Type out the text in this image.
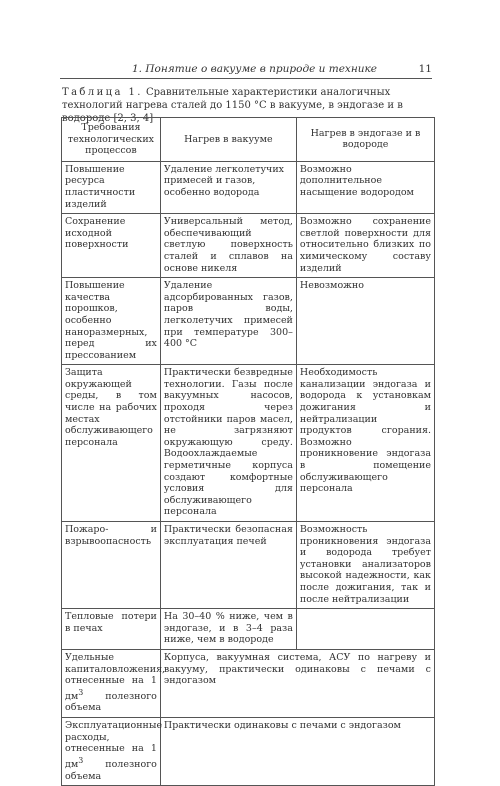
1. Понятие о вакууме в природе и технике	11
Таблица 1. Сравнительные характеристики аналогичных технологий нагрева сталей до 1150 °C в вакууме, в эндогазе и в водороде [2, 3, 4]
Требования технологических процессов	Нагрев в вакууме	Нагрев в эндогазе и в водороде
Повышение ресурса пластичности изделий	Удаление легколетучих примесей и газов, особенно водорода	Возможно дополнительное насыщение водородом
Сохранение исходной поверхности	Универсальный метод, обеспечивающий светлую поверхность сталей и сплавов на основе никеля	Возможно сохранение светлой поверхности для относительно близких по химическому составу изделий
Повышение качества порошков, особенно наноразмерных, перед их прессованием	Удаление адсорбированных газов, паров воды, легколетучих примесей при температуре 300–400 °C	Невозможно
Защита окружающей среды, в том числе на рабочих местах обслуживающего персонала	Практически безвредные технологии. Газы после вакуумных насосов, проходя через отстойники паров масел, не загрязняют окружающую среду. Водоохлаждаемые герметичные корпуса создают комфортные условия для обслуживающего персонала	Необходимость канализации эндогаза и водорода к установкам дожигания и нейтрализации продуктов сгорания. Возможно проникновение эндогаза в помещение обслуживающего персонала
Пожаро- и взрывоопасность	Практически безопасная эксплуатация печей	Возможность проникновения эндогаза и водорода требует установки анализаторов высокой надежности, как после дожигания, так и после нейтрализации
Тепловые потери в печах	На 30–40 % ниже, чем в эндогазе, и в 3–4 раза ниже, чем в водороде	
Удельные капиталовложения, отнесенные на 1 $дм^3$ полезного объема	Корпуса, вакуумная система, АСУ по нагреву и вакууму, практически одинаковы с печами с эндогазом	
Эксплуатационные расходы, отнесенные на 1 $дм^3$ полезного объема	Практически одинаковы с печами с эндогазом	
